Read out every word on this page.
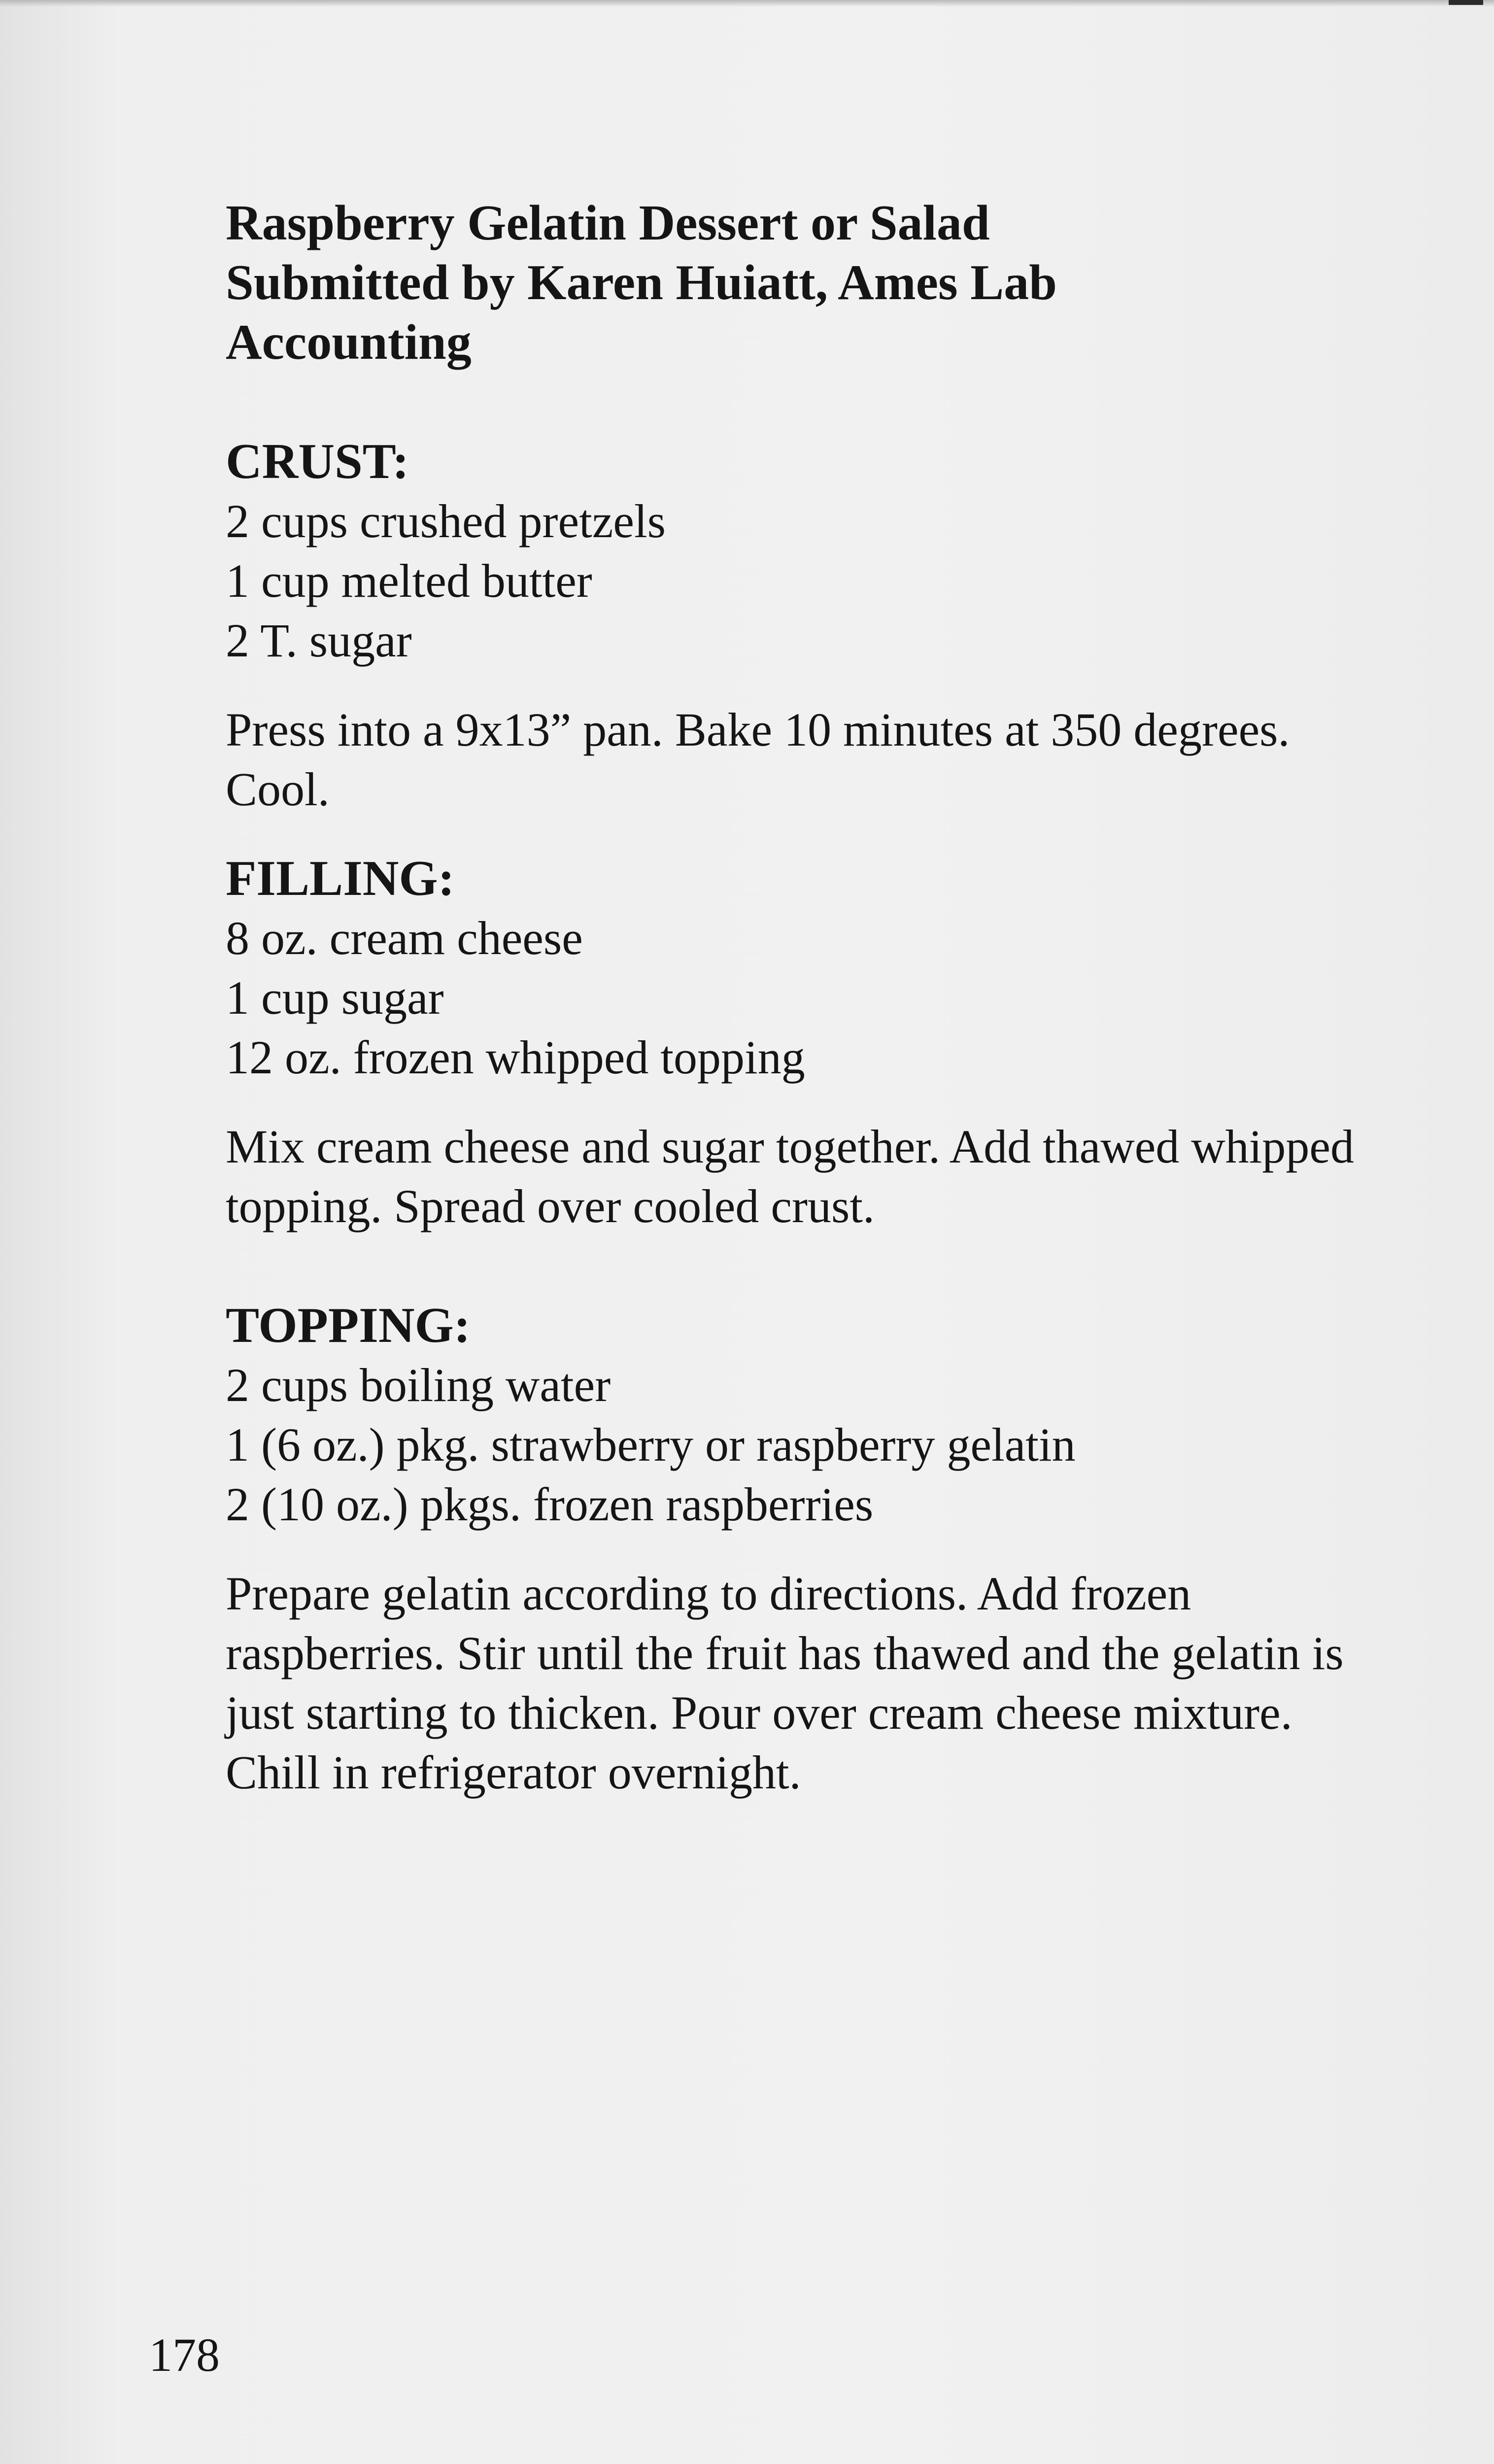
Raspberry Gelatin Dessert or Salad
Submitted by Karen Huiatt, Ames Lab
Accounting
CRUST:
2 cups crushed pretzels
1 cup melted butter
2 T. sugar

Press into a 9x13” pan. Bake 10 minutes at 350 degrees. Cool.

FILLING:
8 oz. cream cheese
1 cup sugar
12 oz. frozen whipped topping

Mix cream cheese and sugar together. Add thawed whipped topping. Spread over cooled crust.

TOPPING:
2 cups boiling water
1 (6 oz.) pkg. strawberry or raspberry gelatin
2 (10 oz.) pkgs. frozen raspberries

Prepare gelatin according to directions. Add frozen raspberries. Stir until the fruit has thawed and the gelatin is just starting to thicken. Pour over cream cheese mixture. Chill in refrigerator overnight.

178
